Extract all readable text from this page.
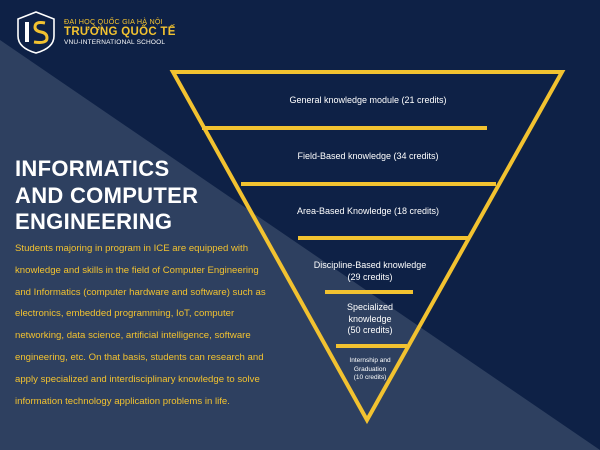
ĐẠI HỌC QUỐC GIA HÀ NỘI
TRƯỜNG QUỐC TẾ
VNU-INTERNATIONAL SCHOOL
INFORMATICS
AND COMPUTER
ENGINEERING
Students majoring in program in ICE are equipped with knowledge and skills in the field of Computer Engineering and Informatics (computer hardware and software) such as electronics, embedded programming, IoT, computer networking, data science, artificial intelligence, software engineering, etc. On that basis, students can research and apply specialized and interdisciplinary knowledge to solve information technology application problems in life.
General knowledge module (21 credits)
Field-Based knowledge (34 credits)
Area-Based Knowledge (18 credits)
Discipline-Based knowledge
(29 credits)
Specialized
knowledge
(50 credits)
Internship and
Graduation
(10 credits)
